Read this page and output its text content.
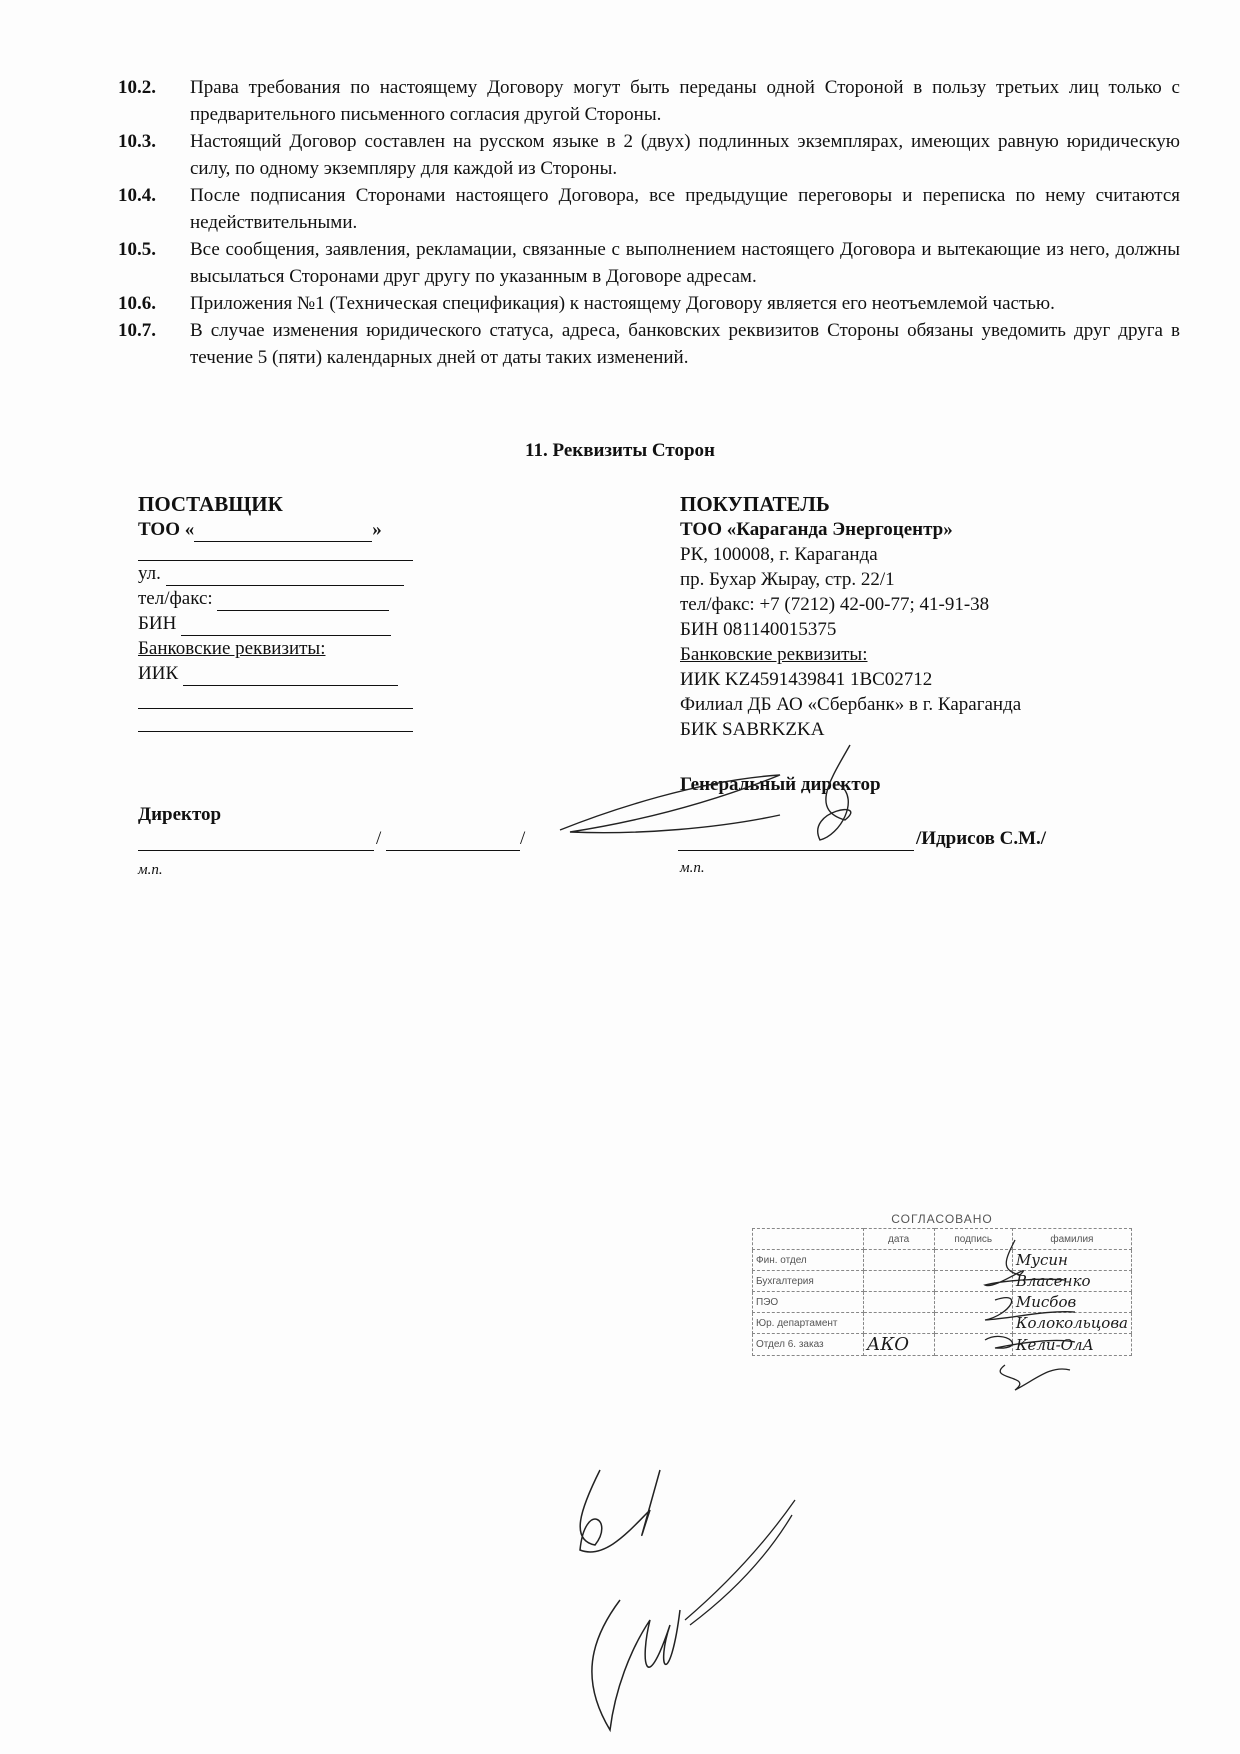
10.2.	Права требования по настоящему Договору могут быть переданы одной Стороной в пользу третьих лиц только с предварительного письменного согласия другой Стороны.
10.3.	Настоящий Договор составлен на русском языке в 2 (двух) подлинных экземплярах, имеющих равную юридическую силу, по одному экземпляру для каждой из Стороны.
10.4.	После подписания Сторонами настоящего Договора, все предыдущие переговоры и переписка по нему считаются недействительными.
10.5.	Все сообщения, заявления, рекламации, связанные с выполнением настоящего Договора и вытекающие из него, должны высылаться Сторонами друг другу по указанным в Договоре адресам.
10.6.	Приложения №1 (Техническая спецификация) к настоящему Договору является его неотъемлемой частью.
10.7.	В случае изменения юридического статуса, адреса, банковских реквизитов Стороны обязаны уведомить друг друга в течение 5 (пяти) календарных дней от даты таких изменений.
11. Реквизиты Сторон
ПОСТАВЩИК
ТОО «	»
ул.
тел/факс:
БИН
Банковские реквизиты:
ИИК
ПОКУПАТЕЛЬ
ТОО «Караганда Энергоцентр»
РК, 100008, г. Караганда
пр. Бухар Жырау, стр. 22/1
тел/факс: +7 (7212) 42-00-77; 41-91-38
БИН 081140015375
Банковские реквизиты:
ИИК KZ4591439841 1BC02712
Филиал ДБ АО «Сбербанк» в г. Караганда
БИК SABRKZKA
Директор
/	/
м.п.
Генеральный директор
/Идрисов С.М./
м.п.
СОГЛАСОВАНО
	дата	подпись	фамилия
Фин. отдел			Мусин
Бухгалтерия			Власенко
ПЭО			Мисбов
Юр. департамент			Колокольцова
Отдел 6. заказ	АКО		Кели-ОлА
